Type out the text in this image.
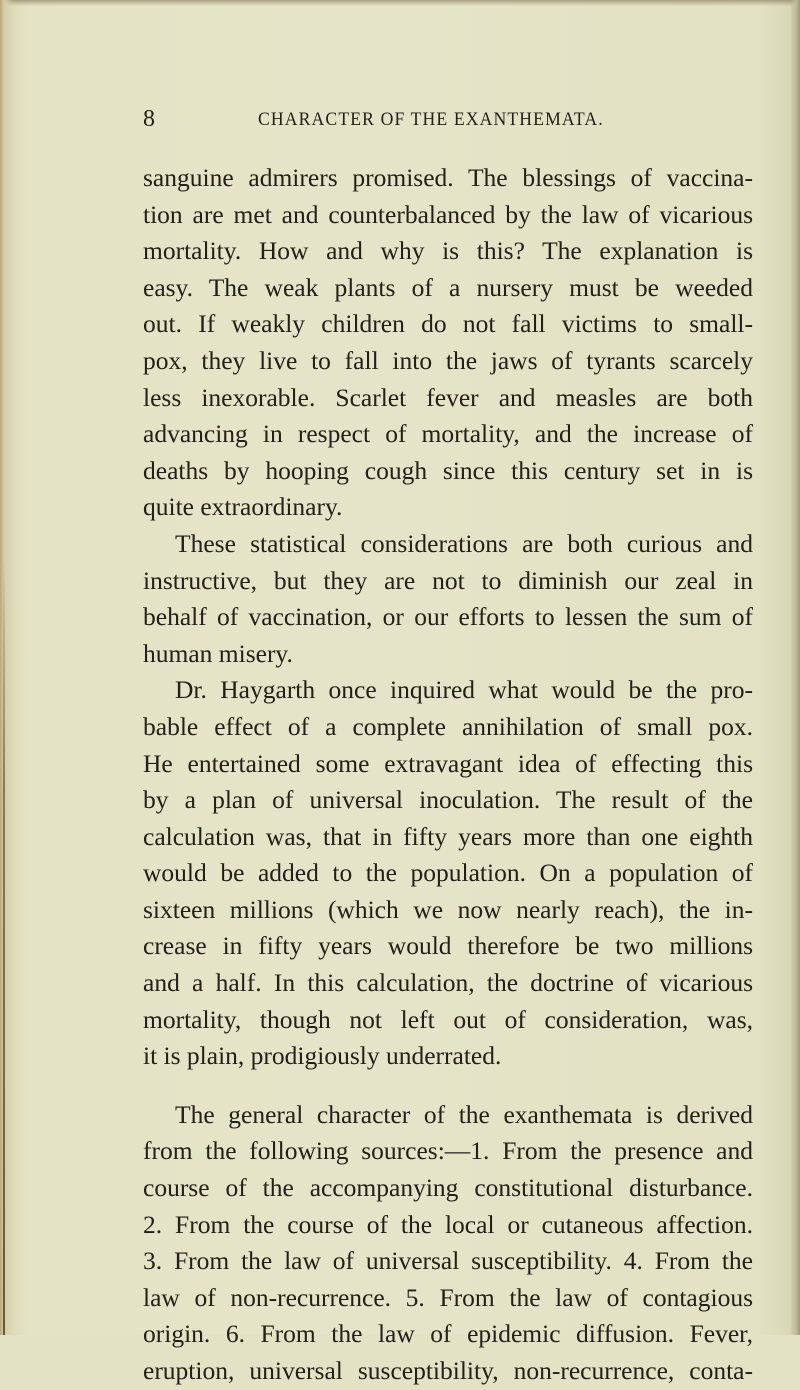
8	CHARACTER OF THE EXANTHEMATA.
sanguine admirers promised. The blessings of vaccina-
tion are met and counterbalanced by the law of vicarious
mortality. How and why is this? The explanation is
easy. The weak plants of a nursery must be weeded
out. If weakly children do not fall victims to small-
pox, they live to fall into the jaws of tyrants scarcely
less inexorable. Scarlet fever and measles are both
advancing in respect of mortality, and the increase of
deaths by hooping cough since this century set in is
quite extraordinary.
These statistical considerations are both curious and
instructive, but they are not to diminish our zeal in
behalf of vaccination, or our efforts to lessen the sum of
human misery.
Dr. Haygarth once inquired what would be the pro-
bable effect of a complete annihilation of small pox.
He entertained some extravagant idea of effecting this
by a plan of universal inoculation. The result of the
calculation was, that in fifty years more than one eighth
would be added to the population. On a population of
sixteen millions (which we now nearly reach), the in-
crease in fifty years would therefore be two millions
and a half. In this calculation, the doctrine of vicarious
mortality, though not left out of consideration, was,
it is plain, prodigiously underrated.
The general character of the exanthemata is derived
from the following sources:—1. From the presence and
course of the accompanying constitutional disturbance.
2. From the course of the local or cutaneous affection.
3. From the law of universal susceptibility. 4. From the
law of non-recurrence. 5. From the law of contagious
origin. 6. From the law of epidemic diffusion. Fever,
eruption, universal susceptibility, non-recurrence, conta-
